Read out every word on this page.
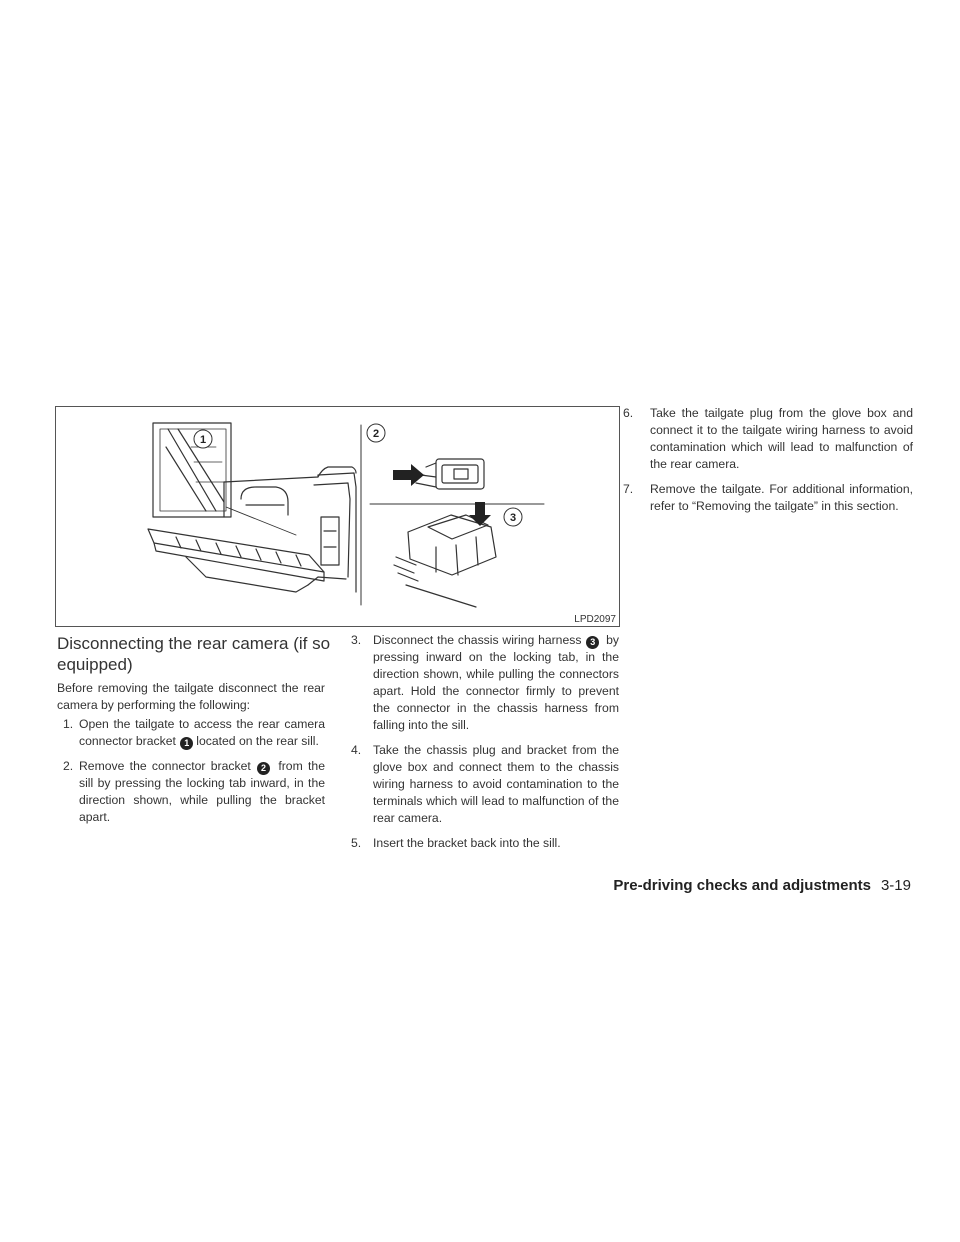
1	2
3
LPD2097
Disconnecting the rear camera (if so equipped)

Before removing the tailgate disconnect the rear camera by performing the following:

1. Open the tailgate to access the rear camera connector bracket 1 located on the rear sill.
2. Remove the connector bracket 2 from the sill by pressing the locking tab inward, in the direction shown, while pulling the bracket apart.
3. Disconnect the chassis wiring harness 3 by pressing inward on the locking tab, in the direction shown, while pulling the connectors apart. Hold the connector firmly to prevent the connector in the chassis harness from falling into the sill.
4. Take the chassis plug and bracket from the glove box and connect them to the chassis wiring harness to avoid contamination to the terminals which will lead to malfunction of the rear camera.
5. Insert the bracket back into the sill.
6. Take the tailgate plug from the glove box and connect it to the tailgate wiring harness to avoid contamination which will lead to malfunction of the rear camera.
7. Remove the tailgate. For additional information, refer to “Removing the tailgate” in this section.
Pre-driving checks and adjustments 3-19
